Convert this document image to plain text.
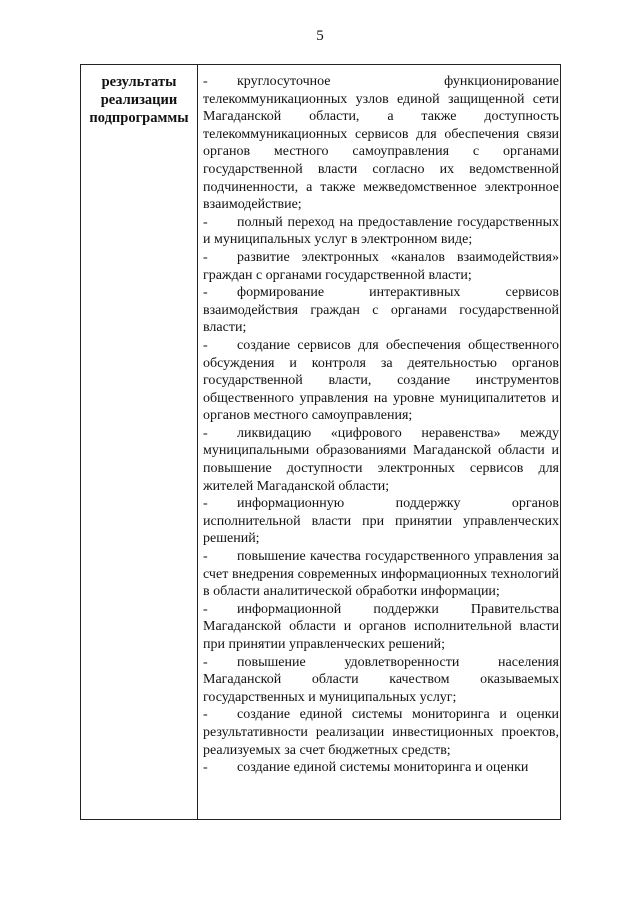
5
результаты
реализации
подпрограммы

- круглосуточное функционирование телекоммуникационных узлов единой защищенной сети Магаданской области, а также доступность телекоммуникационных сервисов для обеспечения связи органов местного самоуправления с органами государственной власти согласно их ведомственной подчиненности, а также межведомственное электронное взаимодействие;

- полный переход на предоставление государственных и муниципальных услуг в электронном виде;

- развитие электронных «каналов взаимодействия» граждан с органами государственной власти;

- формирование интерактивных сервисов взаимодействия граждан с органами государственной власти;

- создание сервисов для обеспечения общественного обсуждения и контроля за деятельностью органов государственной власти, создание инструментов общественного управления на уровне муниципалитетов и органов местного самоуправления;

- ликвидацию «цифрового неравенства» между муниципальными образованиями Магаданской области и повышение доступности электронных сервисов для жителей Магаданской области;

- информационную поддержку органов исполнительной власти при принятии управленческих решений;

- повышение качества государственного управления за счет внедрения современных информационных технологий в области аналитической обработки информации;

- информационной поддержки Правительства Магаданской области и органов исполнительной власти при принятии управленческих решений;

- повышение удовлетворенности населения Магаданской области качеством оказываемых государственных и муниципальных услуг;

- создание единой системы мониторинга и оценки результативности реализации инвестиционных проектов, реализуемых за счет бюджетных средств;

- создание единой системы мониторинга и оценки
